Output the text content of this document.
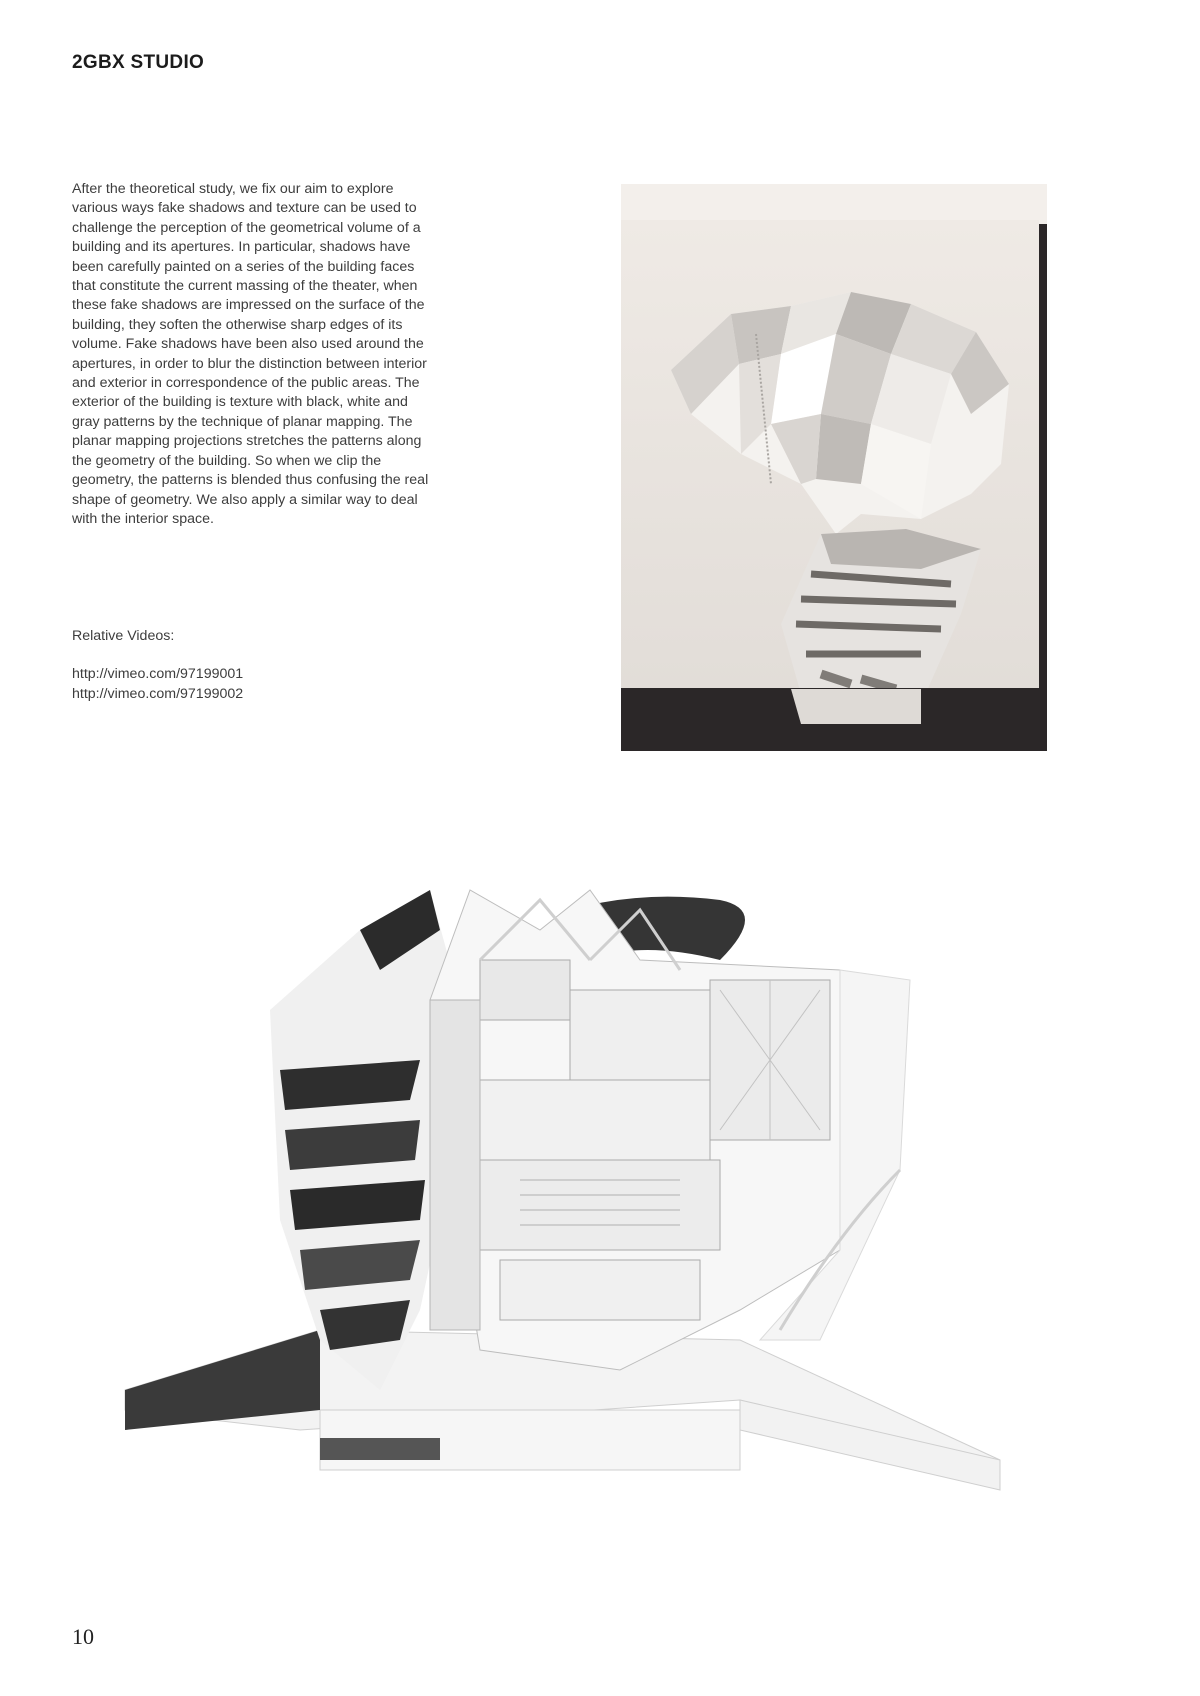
2GBX STUDIO

After the theoretical study, we fix our aim to explore various ways fake shadows and texture can be used to challenge the perception of the geometrical volume of a building and its apertures. In particular, shadows have been carefully painted on a series of the building faces that constitute the current massing of the theater, when these fake shadows are impressed on the surface of the building, they soften the otherwise sharp edges of its volume. Fake shadows have been also used around the apertures, in order to blur the distinction between interior and exterior in correspondence of the public areas. The exterior of the building is texture with black, white and gray patterns by the technique of planar mapping. The planar mapping projections stretches the patterns along the geometry of the building. So when we clip the geometry, the patterns is blended thus confusing the real shape of geometry. We also apply a similar way to deal with the interior space.

Relative Videos:
http://vimeo.com/97199001
http://vimeo.com/97199002
10
